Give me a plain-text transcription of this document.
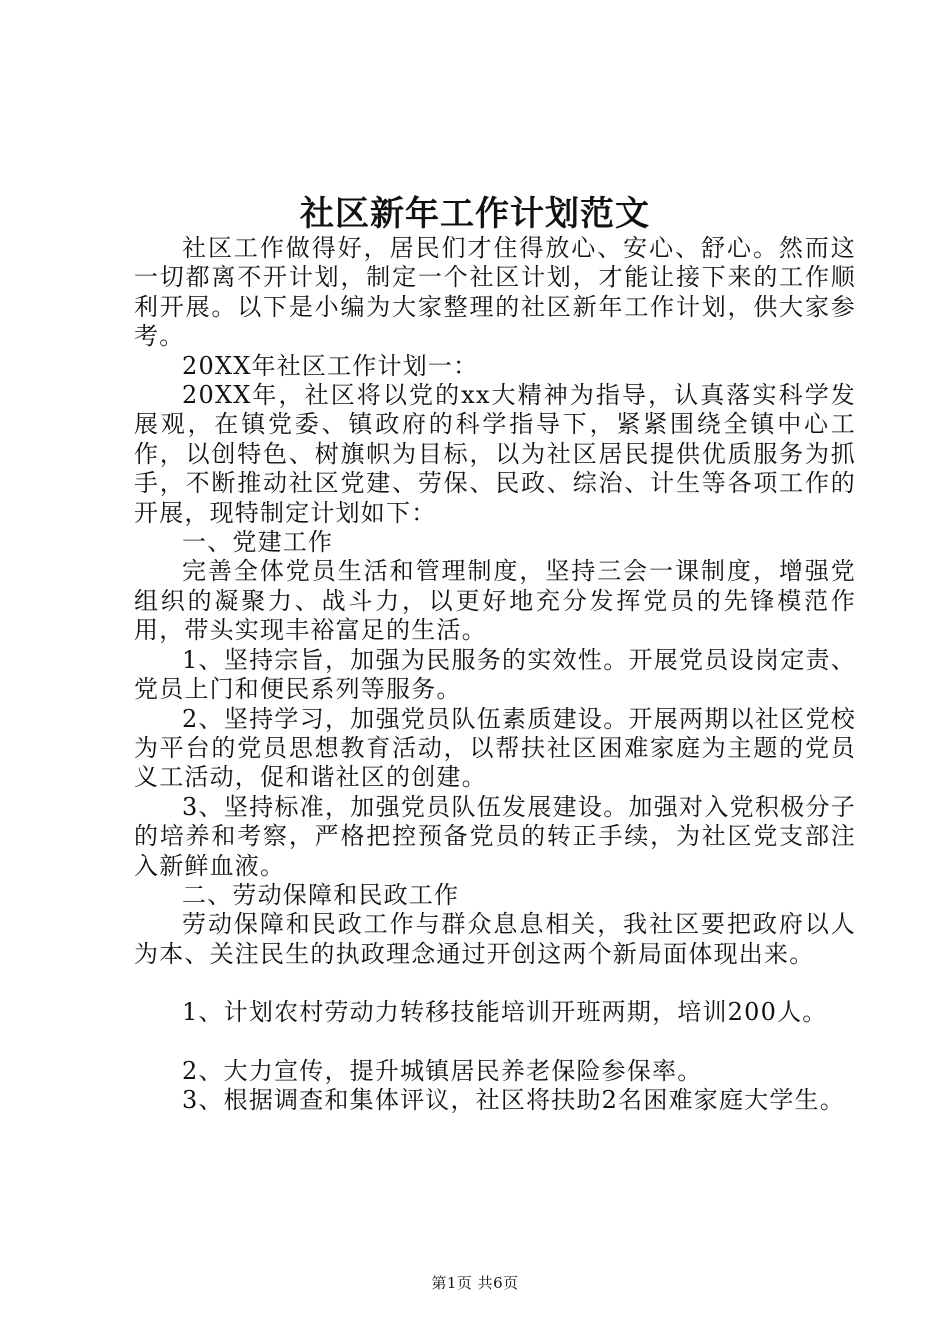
社区新年工作计划范文

社区工作做得好，居民们才住得放心、安心、舒心。然而这一切都离不开计划，制定一个社区计划，才能让接下来的工作顺利开展。以下是小编为大家整理的社区新年工作计划，供大家参考。

20XX年社区工作计划一：

20XX年，社区将以党的xx大精神为指导，认真落实科学发展观，在镇党委、镇政府的科学指导下，紧紧围绕全镇中心工作，以创特色、树旗帜为目标，以为社区居民提供优质服务为抓手，不断推动社区党建、劳保、民政、综治、计生等各项工作的开展，现特制定计划如下：

一、党建工作

完善全体党员生活和管理制度，坚持三会一课制度，增强党组织的凝聚力、战斗力，以更好地充分发挥党员的先锋模范作用，带头实现丰裕富足的生活。

1、坚持宗旨，加强为民服务的实效性。开展党员设岗定责、党员上门和便民系列等服务。

2、坚持学习，加强党员队伍素质建设。开展两期以社区党校为平台的党员思想教育活动，以帮扶社区困难家庭为主题的党员义工活动，促和谐社区的创建。

3、坚持标准，加强党员队伍发展建设。加强对入党积极分子的培养和考察，严格把控预备党员的转正手续，为社区党支部注入新鲜血液。

二、劳动保障和民政工作

劳动保障和民政工作与群众息息相关，我社区要把政府以人为本、关注民生的执政理念通过开创这两个新局面体现出来。

1、计划农村劳动力转移技能培训开班两期，培训200人。

2、大力宣传，提升城镇居民养老保险参保率。

3、根据调查和集体评议，社区将扶助2名困难家庭大学生。

第1页 共6页
